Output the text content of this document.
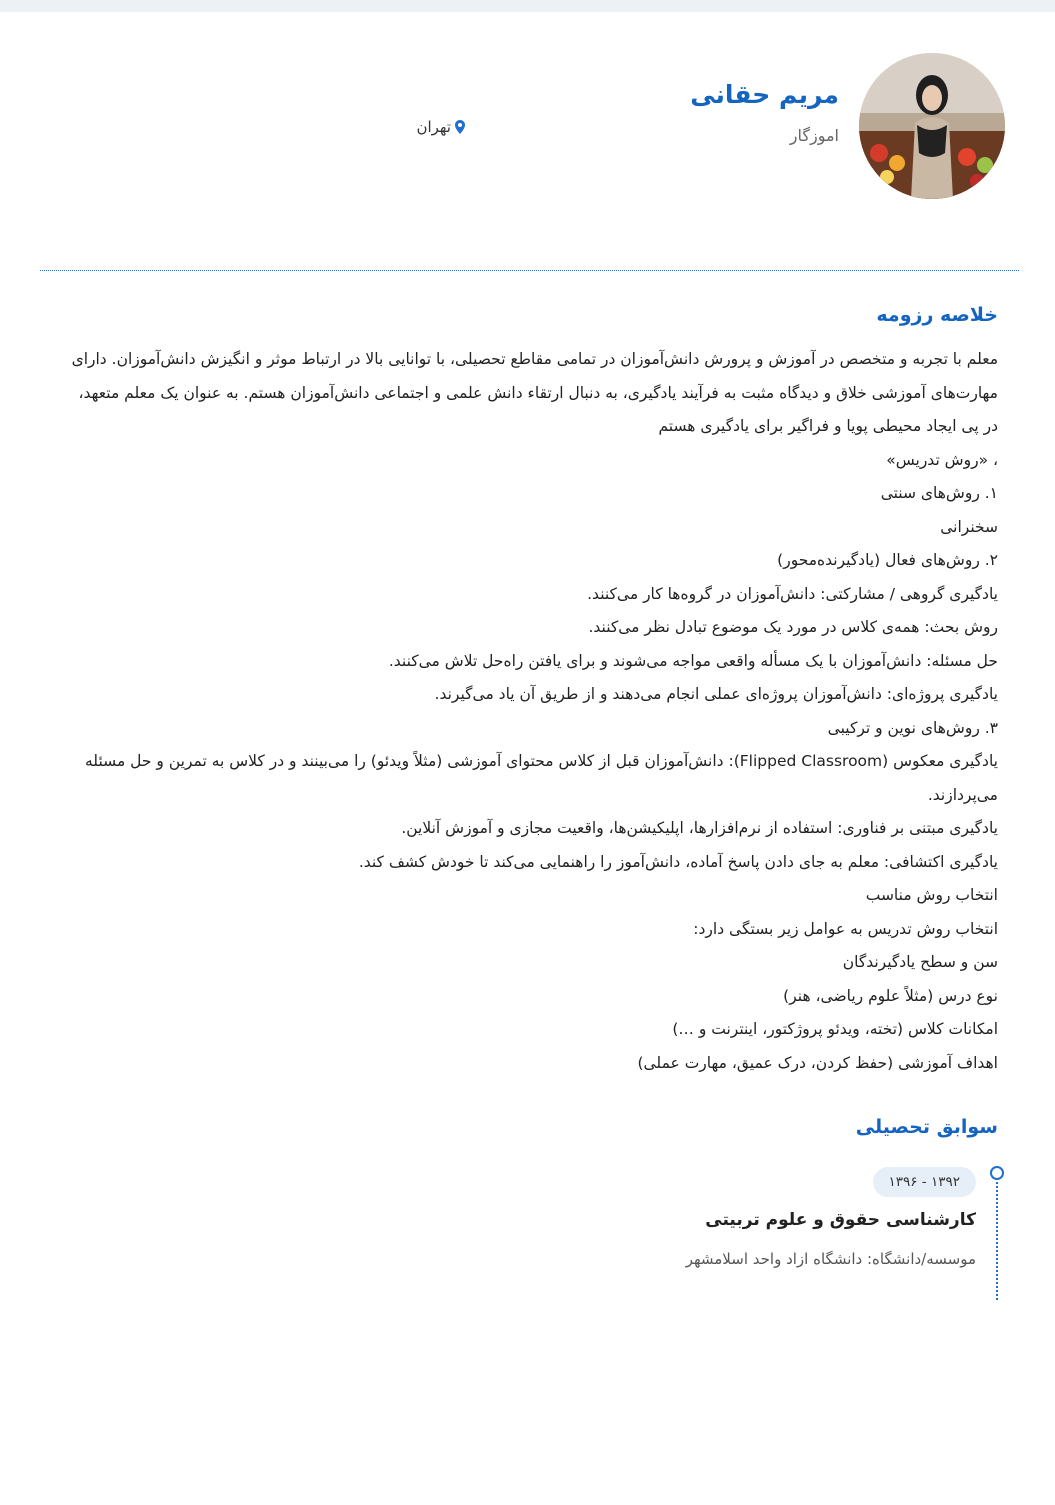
مریم حقانی
اموزگار
تهران
خلاصه رزومه

معلم با تجربه و متخصص در آموزش و پرورش دانش‌آموزان در تمامی مقاطع تحصیلی، با توانایی بالا در ارتباط موثر و انگیزش دانش‌آموزان. دارای مهارت‌های آموزشی خلاق و دیدگاه مثبت به فرآیند یادگیری، به دنبال ارتقاء دانش علمی و اجتماعی دانش‌آموزان هستم. به عنوان یک معلم متعهد، در پی ایجاد محیطی پویا و فراگیر برای یادگیری هستم

، «روش تدریس»

۱. روش‌های سنتی

سخنرانی

۲. روش‌های فعال (یادگیرنده‌محور)

یادگیری گروهی / مشارکتی: دانش‌آموزان در گروه‌ها کار می‌کنند.

روش بحث: همه‌ی کلاس در مورد یک موضوع تبادل نظر می‌کنند.

حل مسئله: دانش‌آموزان با یک مسأله واقعی مواجه می‌شوند و برای یافتن راه‌حل تلاش می‌کنند.

یادگیری پروژه‌ای: دانش‌آموزان پروژه‌ای عملی انجام می‌دهند و از طریق آن یاد می‌گیرند.

۳. روش‌های نوین و ترکیبی

یادگیری معکوس (Flipped Classroom): دانش‌آموزان قبل از کلاس محتوای آموزشی (مثلاً ویدئو) را می‌بینند و در کلاس به تمرین و حل مسئله می‌پردازند.

یادگیری مبتنی بر فناوری: استفاده از نرم‌افزارها، اپلیکیشن‌ها، واقعیت مجازی و آموزش آنلاین.

یادگیری اکتشافی: معلم به جای دادن پاسخ آماده، دانش‌آموز را راهنمایی می‌کند تا خودش کشف کند.

انتخاب روش مناسب

انتخاب روش تدریس به عوامل زیر بستگی دارد:

سن و سطح یادگیرندگان

نوع درس (مثلاً علوم ریاضی، هنر)

امکانات کلاس (تخته، ویدئو پروژکتور، اینترنت و …)

اهداف آموزشی (حفظ کردن، درک عمیق، مهارت عملی)

سوابق تحصیلی
۱۳۹۲ - ۱۳۹۶
کارشناسی حقوق و علوم تربیتی
موسسه/دانشگاه: دانشگاه ازاد واحد اسلامشهر
